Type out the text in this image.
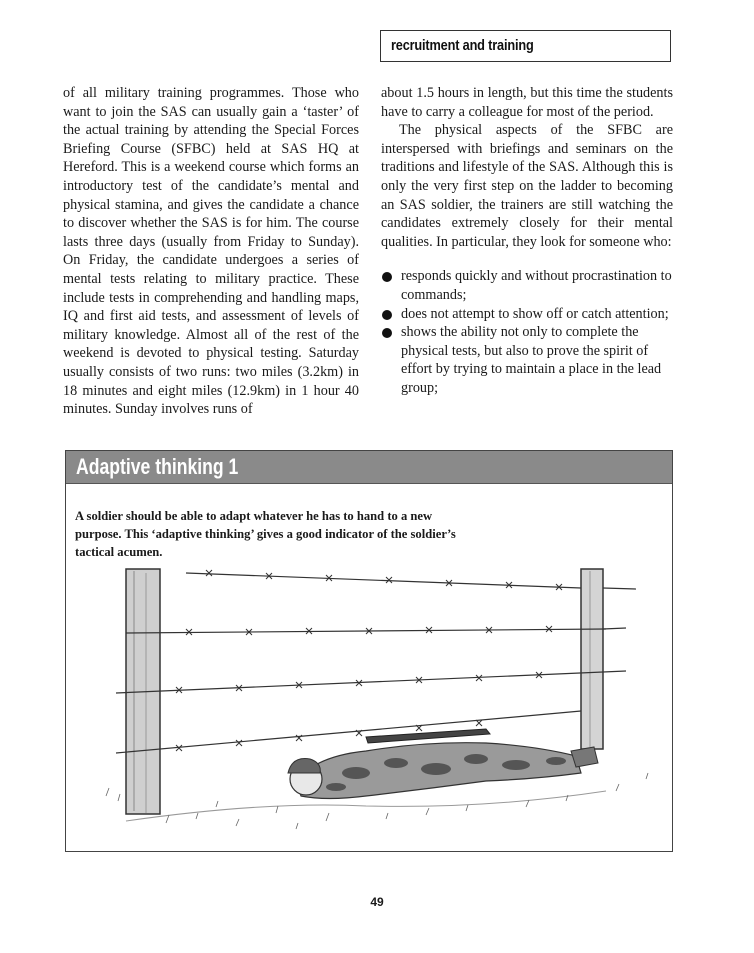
recruitment and training

of all military training programmes. Those who want to join the SAS can usually gain a ‘taster’ of the actual training by attending the Special Forces Briefing Course (SFBC) held at SAS HQ at Hereford. This is a weekend course which forms an introductory test of the candidate’s mental and physical stamina, and gives the candidate a chance to discover whether the SAS is for him. The course lasts three days (usually from Friday to Sunday). On Friday, the candidate undergoes a series of mental tests relating to military practice. These include tests in comprehending and handling maps, IQ and first aid tests, and assessment of levels of military knowledge. Almost all of the rest of the weekend is devoted to physical testing. Saturday usually consists of two runs: two miles (3.2km) in 18 minutes and eight miles (12.9km) in 1 hour 40 minutes. Sunday involves runs of

about 1.5 hours in length, but this time the students have to carry a colleague for most of the period.

The physical aspects of the SFBC are interspersed with briefings and seminars on the traditions and lifestyle of the SAS. Although this is only the very first step on the ladder to becoming an SAS soldier, the trainers are still watching the candidates extremely closely for their mental qualities. In particular, they look for someone who:

responds quickly and without procrastination to commands;
does not attempt to show off or catch attention;
shows the ability not only to complete the physical tests, but also to prove the spirit of effort by trying to maintain a place in the lead group;
Adaptive thinking 1
A soldier should be able to adapt whatever he has to hand to a new purpose. This ‘adaptive thinking’ gives a good indicator of the soldier’s tactical acumen.
49
